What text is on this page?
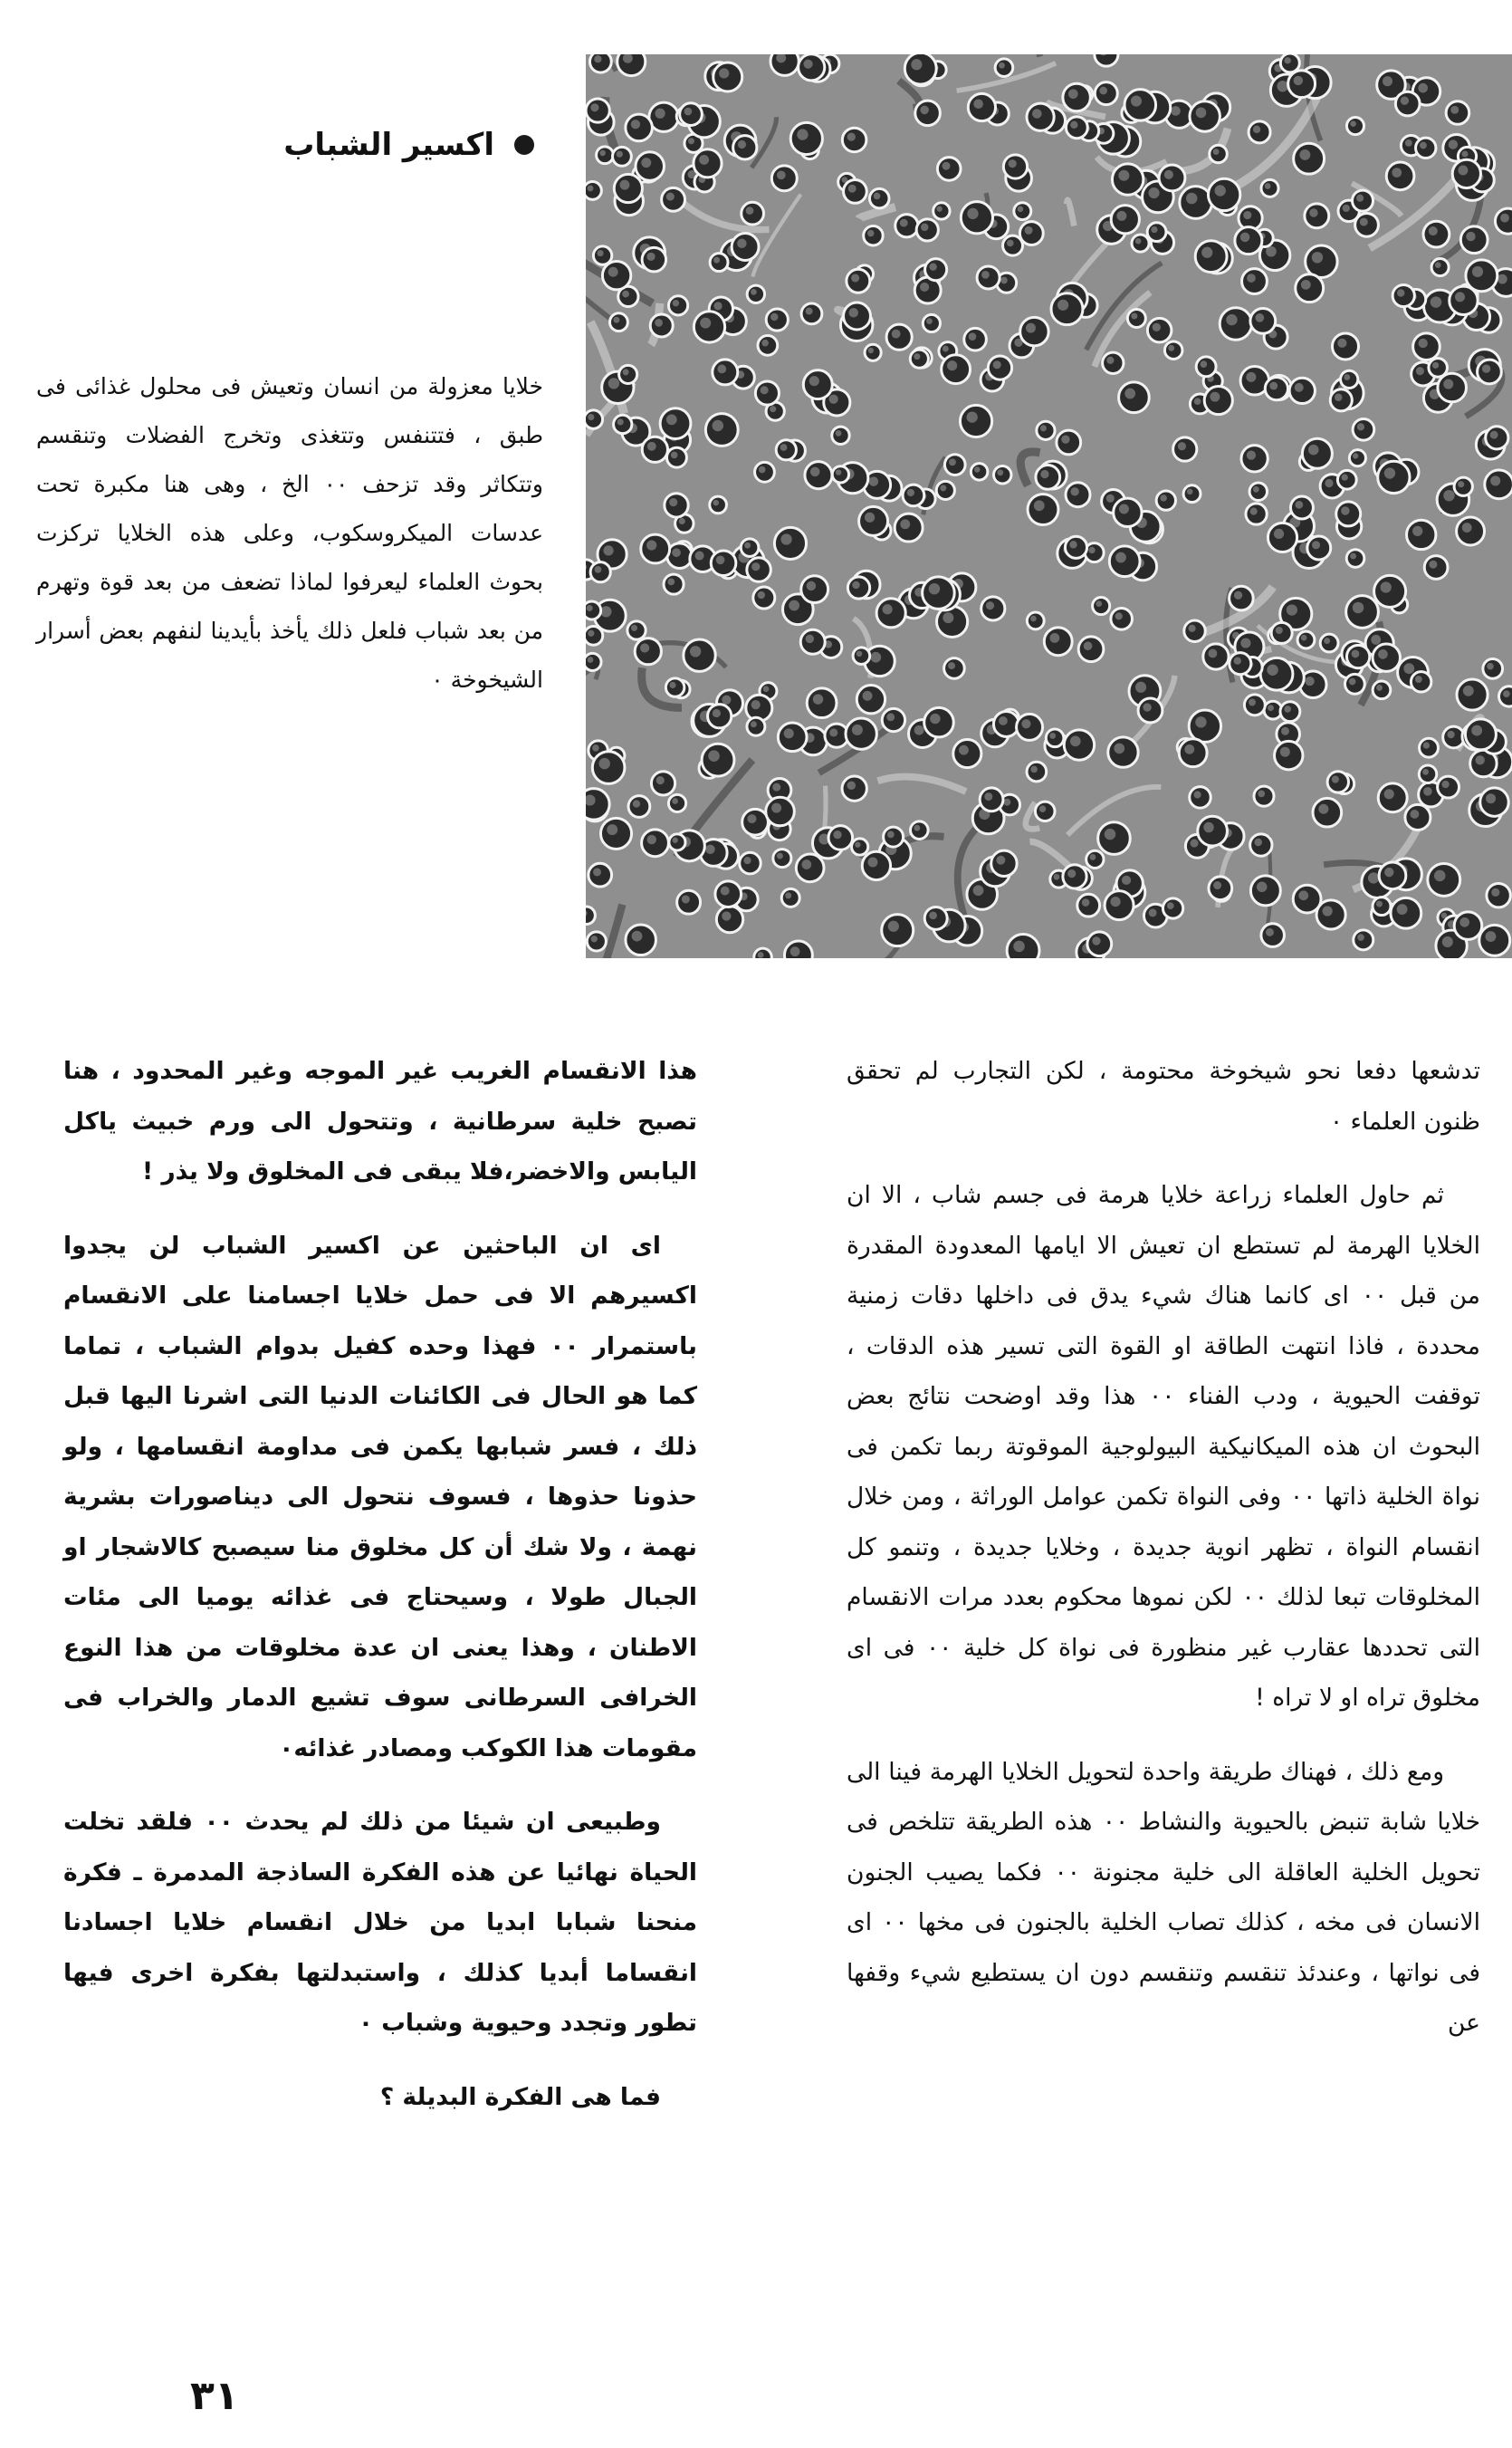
اكسير الشباب

خلايا معزولة من انسان وتعيش فى محلول غذائى فى طبق ، فتتنفس وتتغذى وتخرج الفضلات وتنقسم وتتكاثر وقد تزحف ٠٠ الخ ، وهى هنا مكبرة تحت عدسات الميكروسكوب، وعلى هذه الخلايا تركزت بحوث العلماء ليعرفوا لماذا تضعف من بعد قوة وتهرم من بعد شباب فلعل ذلك يأخذ بأيدينا لنفهم بعض أسرار الشيخوخة ٠

تدشعها دفعا نحو شيخوخة محتومة ، لكن التجارب لم تحقق ظنون العلماء ٠

ثم حاول العلماء زراعة خلايا هرمة فى جسم شاب ، الا ان الخلايا الهرمة لم تستطع ان تعيش الا ايامها المعدودة المقدرة من قبل ٠٠ اى كانما هناك شيء يدق فى داخلها دقات زمنية محددة ، فاذا انتهت الطاقة او القوة التى تسير هذه الدقات ، توقفت الحيوية ، ودب الفناء ٠٠ هذا وقد اوضحت نتائج بعض البحوث ان هذه الميكانيكية البيولوجية الموقوتة ربما تكمن فى نواة الخلية ذاتها ٠٠ وفى النواة تكمن عوامل الوراثة ، ومن خلال انقسام النواة ، تظهر انوية جديدة ، وخلايا جديدة ، وتنمو كل المخلوقات تبعا لذلك ٠٠ لكن نموها محكوم بعدد مرات الانقسام التى تحددها عقارب غير منظورة فى نواة كل خلية ٠٠ فى اى مخلوق تراه او لا تراه !

ومع ذلك ، فهناك طريقة واحدة لتحويل الخلايا الهرمة فينا الى خلايا شابة تنبض بالحيوية والنشاط ٠٠ هذه الطريقة تتلخص فى تحويل الخلية العاقلة الى خلية مجنونة ٠٠ فكما يصيب الجنون الانسان فى مخه ، كذلك تصاب الخلية بالجنون فى مخها ٠٠ اى فى نواتها ، وعندئذ تنقسم وتنقسم دون ان يستطيع شيء وقفها عن

هذا الانقسام الغريب غير الموجه وغير المحدود ، هنا تصبح خلية سرطانية ، وتتحول الى ورم خبيث ياكل اليابس والاخضر،فلا يبقى فى المخلوق ولا يذر !

اى ان الباحثين عن اكسير الشباب لن يجدوا اكسيرهم الا فى حمل خلايا اجسامنا على الانقسام باستمرار ٠٠ فهذا وحده كفيل بدوام الشباب ، تماما كما هو الحال فى الكائنات الدنيا التى اشرنا اليها قبل ذلك ، فسر شبابها يكمن فى مداومة انقسامها ، ولو حذونا حذوها ، فسوف نتحول الى ديناصورات بشرية نهمة ، ولا شك أن كل مخلوق منا سيصبح كالاشجار او الجبال طولا ، وسيحتاج فى غذائه يوميا الى مئات الاطنان ، وهذا يعنى ان عدة مخلوقات من هذا النوع الخرافى السرطانى سوف تشيع الدمار والخراب فى مقومات هذا الكوكب ومصادر غذائه٠

وطبيعى ان شيئا من ذلك لم يحدث ٠٠ فلقد تخلت الحياة نهائيا عن هذه الفكرة الساذجة المدمرة ـ فكرة منحنا شبابا ابديا من خلال انقسام خلايا اجسادنا انقساما أبديا كذلك ، واستبدلتها بفكرة اخرى فيها تطور وتجدد وحيوية وشباب ٠

فما هى الفكرة البديلة ؟

٣١
